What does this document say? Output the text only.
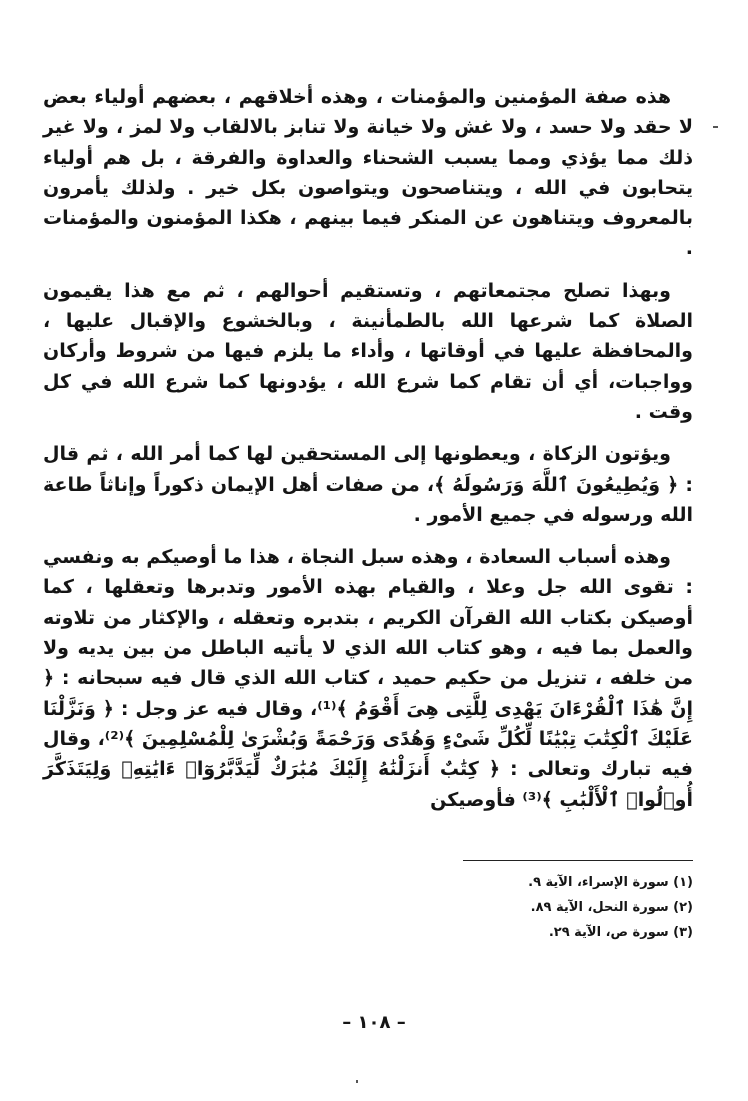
هذه صفة المؤمنين والمؤمنات ، وهذه أخلاقهم ، بعضهم أولياء بعض لا حقد ولا حسد ، ولا غش ولا خيانة ولا تنابز بالالقاب ولا لمز ، ولا غير ذلك مما يؤذي ومما يسبب الشحناء والعداوة والفرقة ، بل هم أولياء يتحابون في الله ، ويتناصحون ويتواصون بكل خير . ولذلك يأمرون بالمعروف ويتناهون عن المنكر فيما بينهم ، هكذا المؤمنون والمؤمنات .

وبهذا تصلح مجتمعاتهم ، وتستقيم أحوالهم ، ثم مع هذا يقيمون الصلاة كما شرعها الله بالطمأنينة ، وبالخشوع والإقبال عليها ، والمحافظة عليها في أوقاتها ، وأداء ما يلزم فيها من شروط وأركان وواجبات، أي أن تقام كما شرع الله ، يؤدونها كما شرع الله في كل وقت .

ويؤتون الزكاة ، ويعطونها إلى المستحقين لها كما أمر الله ، ثم قال : ﴿ وَيُطِيعُونَ ٱللَّهَ وَرَسُولَهُ ﴾، من صفات أهل الإيمان ذكوراً وإناثاً طاعة الله ورسوله في جميع الأمور .

وهذه أسباب السعادة ، وهذه سبل النجاة ، هذا ما أوصيكم به ونفسي : تقوى الله جل وعلا ، والقيام بهذه الأمور وتدبرها وتعقلها ، كما أوصيكن بكتاب الله القرآن الكريم ، بتدبره وتعقله ، والإكثار من تلاوته والعمل بما فيه ، وهو كتاب الله الذي لا يأتيه الباطل من بين يديه ولا من خلفه ، تنزيل من حكيم حميد ، كتاب الله الذي قال فيه سبحانه : ﴿ إِنَّ هَٰذَا ٱلْقُرْءَانَ يَهْدِى لِلَّتِى هِىَ أَقْوَمُ ﴾⁽¹⁾، وقال فيه عز وجل : ﴿ وَنَزَّلْنَا عَلَيْكَ ٱلْكِتَٰبَ تِبْيَٰنًا لِّكُلِّ شَىْءٍ وَهُدًى وَرَحْمَةً وَبُشْرَىٰ لِلْمُسْلِمِينَ ﴾⁽²⁾، وقال فيه تبارك وتعالى : ﴿ كِتَٰبٌ أَنزَلْنَٰهُ إِلَيْكَ مُبَٰرَكٌ لِّيَدَّبَّرُوٓا۟ ءَايَٰتِهِۦ وَلِيَتَذَكَّرَ أُو۟لُوا۟ ٱلْأَلْبَٰبِ ﴾⁽³⁾ فأوصيكن

(١) سورة الإسراء، الآية ٩.
(٢) سورة النحل، الآية ٨٩.
(٣) سورة ص، الآية ٢٩.
– ١٠٨ –
